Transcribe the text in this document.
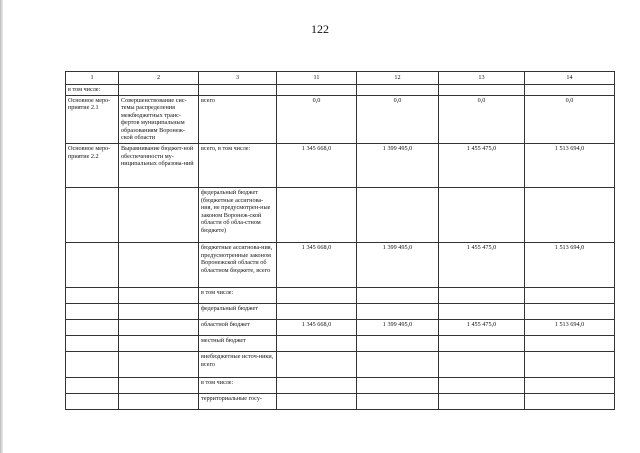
122
1	2	3	11	12	13	14
в том числе:						
Основное меро-приятие 2.1	Совершенствование сис-темы распределения межбюджетных транс-фертов муниципальным образованиям Воронеж-ской области	всего	0,0	0,0	0,0	0,0
Основное меро-приятие 2.2	Выравнивание бюджет-ной обеспеченности му-ниципальных образова-ний	всего, в том числе:	1 345 668,0	1 399 495,0	1 455 475,0	1 513 694,0
		федеральный бюджет (бюджетные ассигнова-ния, не предусмотрен-ные законом Воронеж-ской области об обла-стном бюджете)				
		бюджетные ассигнова-ния, предусмотренные законом Воронежской области об областном бюджете, всего	1 345 668,0	1 399 495,0	1 455 475,0	1 513 694,0
		в том числе:				
		федеральный бюджет				
		областной бюджет	1 345 668,0	1 399 495,0	1 455 475,0	1 513 694,0
		местный бюджет				
		внебюджетные источ-ники, всего				
		в том числе:				
		территориальные госу-				
